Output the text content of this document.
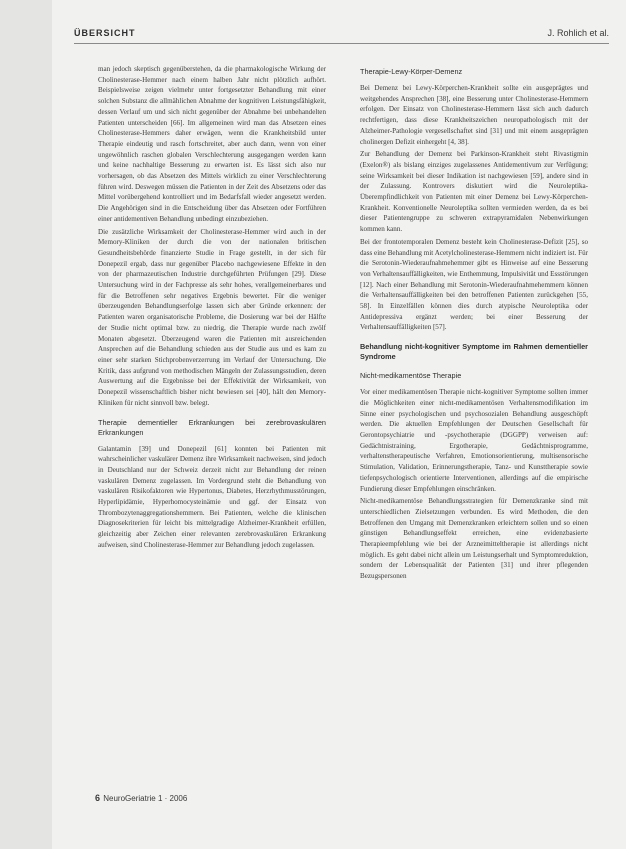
ÜBERSICHT	J. Rohlich et al.

man jedoch skeptisch gegenüberstehen, da die pharmakologische Wirkung der Cholinesterase-Hemmer nach einem halben Jahr nicht plötzlich aufhört. Beispielsweise zeigen vielmehr unter fortgesetzter Behandlung mit einer solchen Substanz die allmählichen Abnahme der kognitiven Leistungsfähigkeit, dessen Verlauf um und sich nicht gegenüber der Abnahme bei unbehandelten Patienten unterscheiden [66]. Im allgemeinen wird man das Absetzen eines Cholinesterase-Hemmers daher erwägen, wenn die Krankheitsbild unter Therapie eindeutig und rasch fortschreitet, aber auch dann, wenn von einer ungewöhnlich raschen globalen Verschlechterung ausgegangen werden kann und keine nachhaltige Besserung zu erwarten ist. Es lässt sich also nur vorhersagen, ob das Absetzen des Mittels wirklich zu einer Verschlechterung führen wird. Deswegen müssen die Patienten in der Zeit des Absetzens oder das Mittel vorübergehend kontrolliert und im Bedarfsfall wieder angesetzt werden. Die Angehörigen sind in die Entscheidung über das Absetzen oder Fortführen einer antidementiven Behandlung unbedingt einzubeziehen.

Die zusätzliche Wirksamkeit der Cholinesterase-Hemmer wird auch in der Memory-Kliniken der durch die von der nationalen britischen Gesundheitsbehörde finanzierte Studie in Frage gestellt, in der sich für Donepezil ergab, dass nur gegenüber Placebo nachgewiesene Effekte in den von der pharmazeutischen Industrie durchgeführten Prüfungen [29]. Diese Untersuchung wird in der Fachpresse als sehr hohes, verallgemeinerbares und für die Betroffenen sehr negatives Ergebnis bewertet. Für die weniger überzeugenden Behandlungserfolge lassen sich aber Gründe erkennen: der Patienten waren organisatorische Probleme, die Dosierung war bei der Hälfte der Studie nicht optimal bzw. zu niedrig, die Therapie wurde nach zwölf Monaten abgesetzt. Überzeugend waren die Patienten mit ausreichenden Ansprechen auf die Behandlung schieden aus der Studie aus und es kam zu einer sehr starken Stichprobenverzerrung im Verlauf der Untersuchung. Die Kritik, dass aufgrund von methodischen Mängeln der Zulassungsstudien, deren Auswertung auf die Ergebnisse bei der Effektivität der Wirksamkeit, von Donepezil wissenschaftlich bisher nicht bewiesen sei [40], hält den Memory-Kliniken für nicht sinnvoll bzw. belegt.

Therapie dementieller Erkrankungen bei zerebrovaskulären Erkrankungen

Galantamin [39] und Donepezil [61] konnten bei Patienten mit wahrscheinlicher vaskulärer Demenz ihre Wirksamkeit nachweisen, sind jedoch in Deutschland nur der Schweiz derzeit nicht zur Behandlung der reinen vaskulären Demenz zugelassen. Im Vordergrund steht die Behandlung von vaskulären Risikofaktoren wie Hypertonus, Diabetes, Herzrhythmusstörungen, Hyperlipidämie, Hyperhomocysteinämie und ggf. der Einsatz von Thrombozytenaggregationshemmern. Bei Patienten, welche die klinischen Diagnosekriterien für leicht bis mittelgradige Alzheimer-Krankheit erfüllen, gleichzeitig aber Zeichen einer relevanten zerebrovaskulären Erkrankung aufweisen, sind Cholinesterase-Hemmer zur Behandlung jedoch zugelassen.

Therapie-Lewy-Körper-Demenz

Bei Demenz bei Lewy-Körperchen-Krankheit sollte ein ausgeprägtes und weitgehendes Ansprechen [38], eine Besserung unter Cholinesterase-Hemmern erfolgen. Der Einsatz von Cholinesterase-Hemmern lässt sich auch dadurch rechtfertigen, dass diese Krankheitszeichen neuropathologisch mit der Alzheimer-Pathologie vergesellschaftet sind [31] und mit einem ausgeprägten cholinergen Defizit einhergeht [4, 38].

Zur Behandlung der Demenz bei Parkinson-Krankheit steht Rivastigmin (Exelon®) als bislang einziges zugelassenes Antidementivum zur Verfügung; seine Wirksamkeit bei dieser Indikation ist nachgewiesen [59], andere sind in der Zulassung. Kontrovers diskutiert wird die Neuroleptika-Überempfindlichkeit von Patienten mit einer Demenz bei Lewy-Körperchen-Krankheit. Konventionelle Neuroleptika sollten vermieden werden, da es bei dieser Patientengruppe zu schweren extrapyramidalen Nebenwirkungen kommen kann.

Bei der frontotemporalen Demenz besteht kein Cholinesterase-Defizit [25], so dass eine Behandlung mit Acetylcholinesterase-Hemmern nicht indiziert ist. Für die Serotonin-Wiederaufnahmehemmer gibt es Hinweise auf eine Besserung von Verhaltensauffälligkeiten, wie Enthemmung, Impulsivität und Essstörungen [12]. Nach einer Behandlung mit Serotonin-Wiederaufnahmehemmern können die Verhaltensauffälligkeiten bei den betroffenen Patienten zurückgehen [55, 58]. In Einzelfällen können dies durch atypische Neuroleptika oder Antidepressiva ergänzt werden; bei einer Besserung der Verhaltensauffälligkeiten [57].

Behandlung nicht-kognitiver Symptome im Rahmen dementieller Syndrome
Nicht-medikamentöse Therapie

Vor einer medikamentösen Therapie nicht-kognitiver Symptome sollten immer die Möglichkeiten einer nicht-medikamentösen Verhaltensmodifikation im Sinne einer psychologischen und psychosozialen Behandlung ausgeschöpft werden. Die aktuellen Empfehlungen der Deutschen Gesellschaft für Gerontopsychiatrie und -psychotherapie (DGGPP) verweisen auf: Gedächtnistraining, Ergotherapie, Gedächtnisprogramme, verhaltenstherapeutische Verfahren, Emotionsorientierung, multisensorische Stimulation, Validation, Erinnerungstherapie, Tanz- und Kunsttherapie sowie tiefenpsychologisch orientierte Interventionen, allerdings auf die empirische Fundierung dieser Empfehlungen einschränken.

Nicht-medikamentöse Behandlungsstrategien für Demenzkranke sind mit unterschiedlichen Zielsetzungen verbunden. Es wird Methoden, die den Betroffenen den Umgang mit Demenzkranken erleichtern sollen und so einen günstigen Behandlungseffekt erreichen, eine evidenzbasierte Therapieempfehlung wie bei der Arzneimitteltherapie ist allerdings nicht möglich. Es geht dabei nicht allein um Leistungserhalt und Symptomreduktion, sondern der Lebensqualität der Patienten [31] und ihrer pflegenden Bezugspersonen

6 NeuroGeriatrie 1 · 2006
